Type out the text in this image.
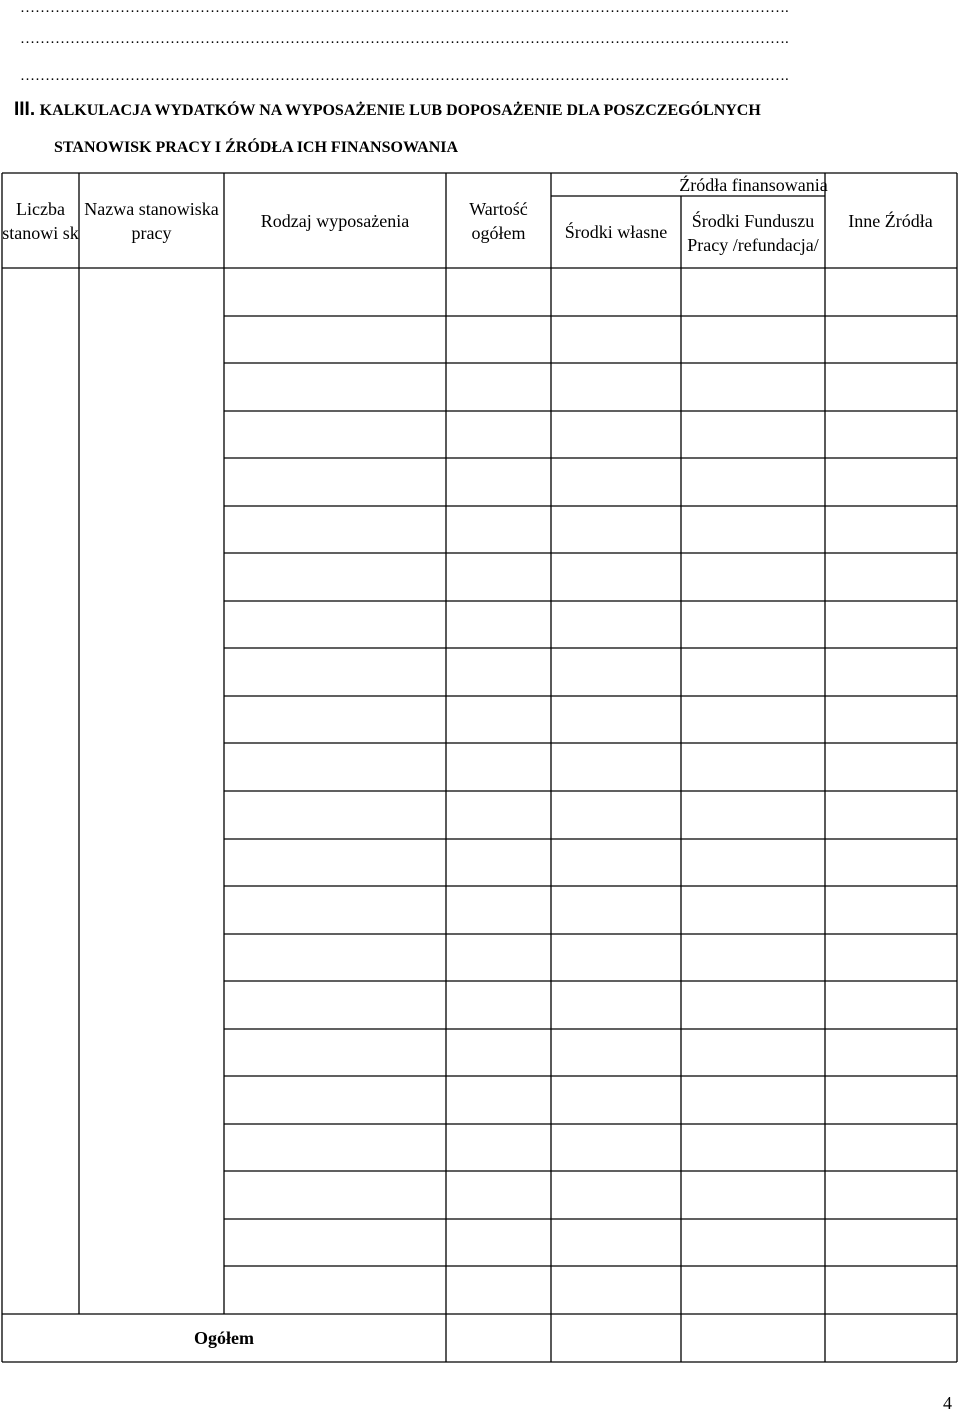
……………………………………………………………………………………………………………………………………….
……………………………………………………………………………………………………………………………………….
……………………………………………………………………………………………………………………………………….
III. KALKULACJA WYDATKÓW NA WYPOSAŻENIE LUB DOPOSAŻENIE DLA POSZCZEGÓLNYCH
STANOWISK PRACY I ŹRÓDŁA ICH FINANSOWANIA
Liczba stanowi sk
Nazwa stanowiska pracy
Rodzaj wyposażenia
Wartość ogółem
Źródła finansowania
Środki własne
Środki Funduszu Pracy /refundacja/
Inne Źródła
Ogółem
4
